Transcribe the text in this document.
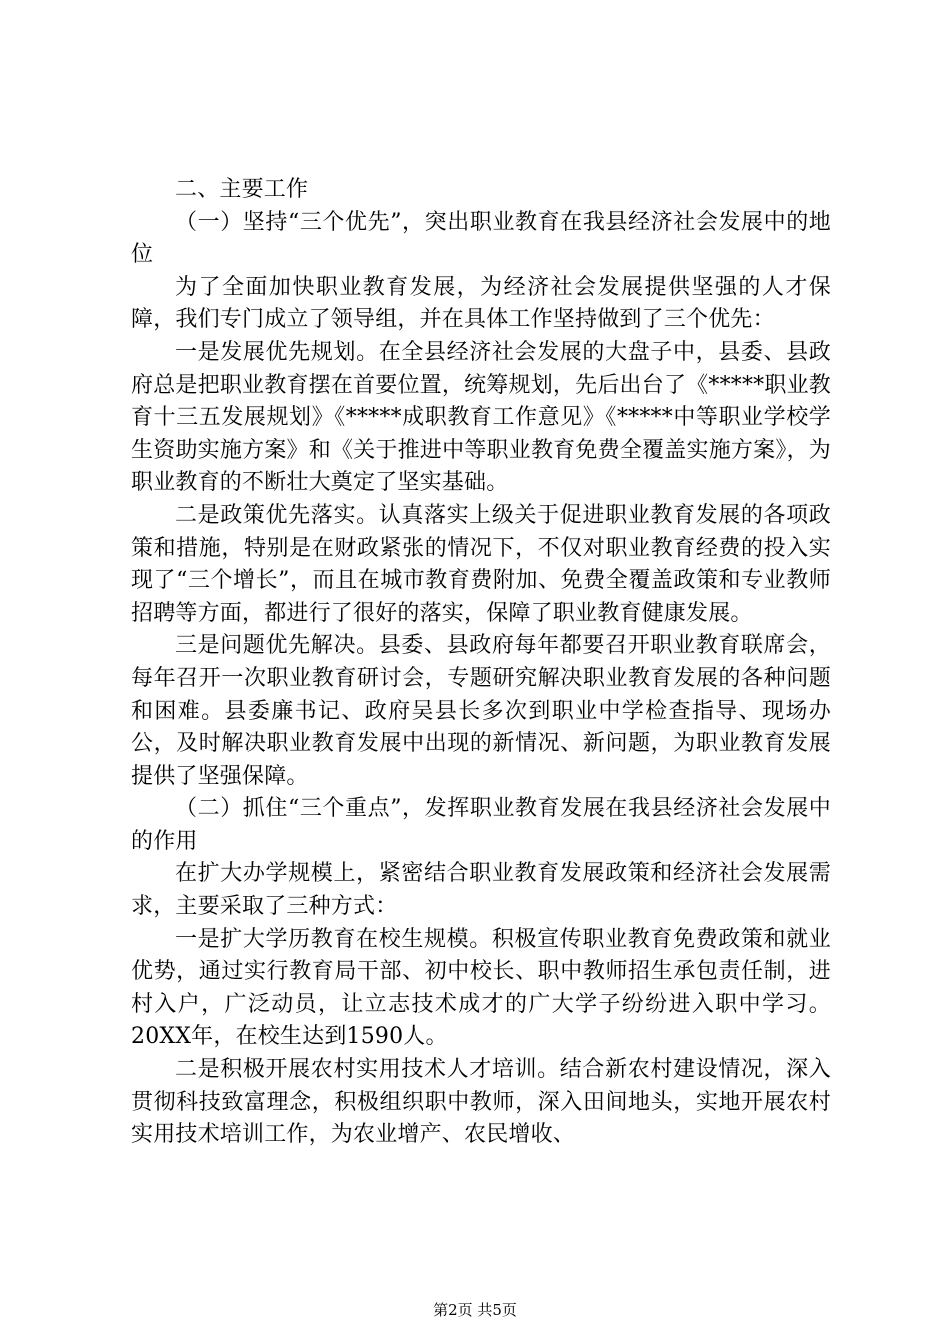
二、主要工作

（一）坚持“三个优先”，突出职业教育在我县经济社会发展中的地位

为了全面加快职业教育发展，为经济社会发展提供坚强的人才保障，我们专门成立了领导组，并在具体工作坚持做到了三个优先：

一是发展优先规划。在全县经济社会发展的大盘子中，县委、县政府总是把职业教育摆在首要位置，统筹规划，先后出台了《*****职业教育十三五发展规划》《*****成职教育工作意见》《*****中等职业学校学生资助实施方案》和《关于推进中等职业教育免费全覆盖实施方案》，为职业教育的不断壮大奠定了坚实基础。

二是政策优先落实。认真落实上级关于促进职业教育发展的各项政策和措施，特别是在财政紧张的情况下，不仅对职业教育经费的投入实现了“三个增长”，而且在城市教育费附加、免费全覆盖政策和专业教师招聘等方面，都进行了很好的落实，保障了职业教育健康发展。

三是问题优先解决。县委、县政府每年都要召开职业教育联席会，每年召开一次职业教育研讨会，专题研究解决职业教育发展的各种问题和困难。县委廉书记、政府吴县长多次到职业中学检查指导、现场办公，及时解决职业教育发展中出现的新情况、新问题，为职业教育发展提供了坚强保障。

（二）抓住“三个重点”，发挥职业教育发展在我县经济社会发展中的作用

在扩大办学规模上，紧密结合职业教育发展政策和经济社会发展需求，主要采取了三种方式：

一是扩大学历教育在校生规模。积极宣传职业教育免费政策和就业优势，通过实行教育局干部、初中校长、职中教师招生承包责任制，进村入户，广泛动员，让立志技术成才的广大学子纷纷进入职中学习。20XX年，在校生达到1590人。

二是积极开展农村实用技术人才培训。结合新农村建设情况，深入贯彻科技致富理念，积极组织职中教师，深入田间地头，实地开展农村实用技术培训工作，为农业增产、农民增收、

第2页 共5页
